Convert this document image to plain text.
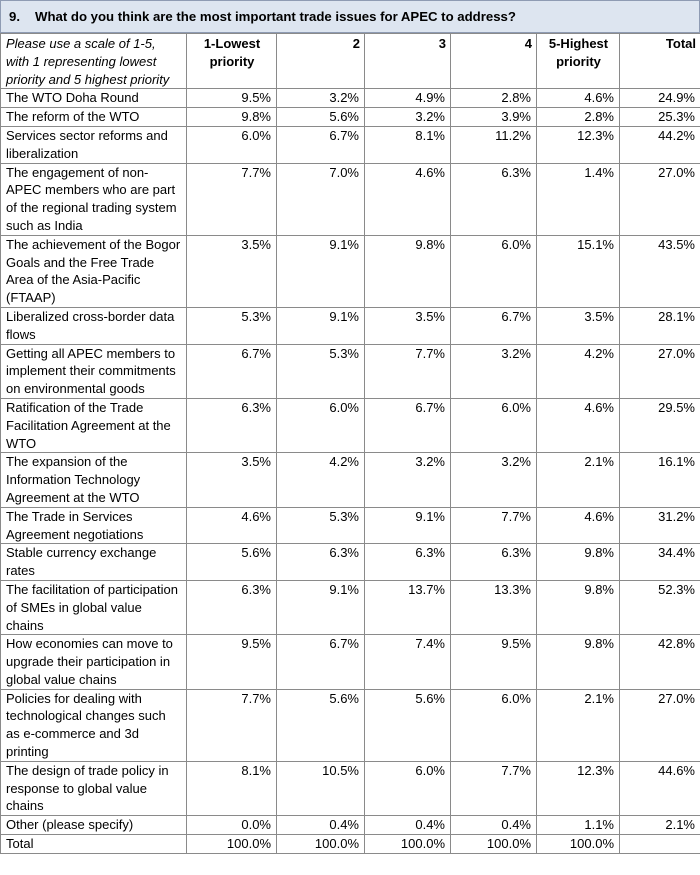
9.	What do you think are the most important trade issues for APEC to address?
Please use a scale of 1-5, with 1 representing lowest priority and 5 highest priority	1-Lowest priority	2	3	4	5-Highest priority	Total
The WTO Doha Round	9.5%	3.2%	4.9%	2.8%	4.6%	24.9%
The reform of the WTO	9.8%	5.6%	3.2%	3.9%	2.8%	25.3%
Services sector reforms and liberalization	6.0%	6.7%	8.1%	11.2%	12.3%	44.2%
The engagement of non-APEC members who are part of the regional trading system such as India	7.7%	7.0%	4.6%	6.3%	1.4%	27.0%
The achievement of the Bogor Goals and the Free Trade Area of the Asia-Pacific (FTAAP)	3.5%	9.1%	9.8%	6.0%	15.1%	43.5%
Liberalized cross-border data flows	5.3%	9.1%	3.5%	6.7%	3.5%	28.1%
Getting all APEC members to implement their commitments on environmental goods	6.7%	5.3%	7.7%	3.2%	4.2%	27.0%
Ratification of the Trade Facilitation Agreement at the WTO	6.3%	6.0%	6.7%	6.0%	4.6%	29.5%
The expansion of the Information Technology Agreement at the WTO	3.5%	4.2%	3.2%	3.2%	2.1%	16.1%
The Trade in Services Agreement negotiations	4.6%	5.3%	9.1%	7.7%	4.6%	31.2%
Stable currency exchange rates	5.6%	6.3%	6.3%	6.3%	9.8%	34.4%
The facilitation of participation of SMEs in global value chains	6.3%	9.1%	13.7%	13.3%	9.8%	52.3%
How economies can move to upgrade their participation in global value chains	9.5%	6.7%	7.4%	9.5%	9.8%	42.8%
Policies for dealing with technological changes such as e-commerce and 3d printing	7.7%	5.6%	5.6%	6.0%	2.1%	27.0%
The design of trade policy in response to global value chains	8.1%	10.5%	6.0%	7.7%	12.3%	44.6%
Other (please specify)	0.0%	0.4%	0.4%	0.4%	1.1%	2.1%
Total	100.0%	100.0%	100.0%	100.0%	100.0%	
